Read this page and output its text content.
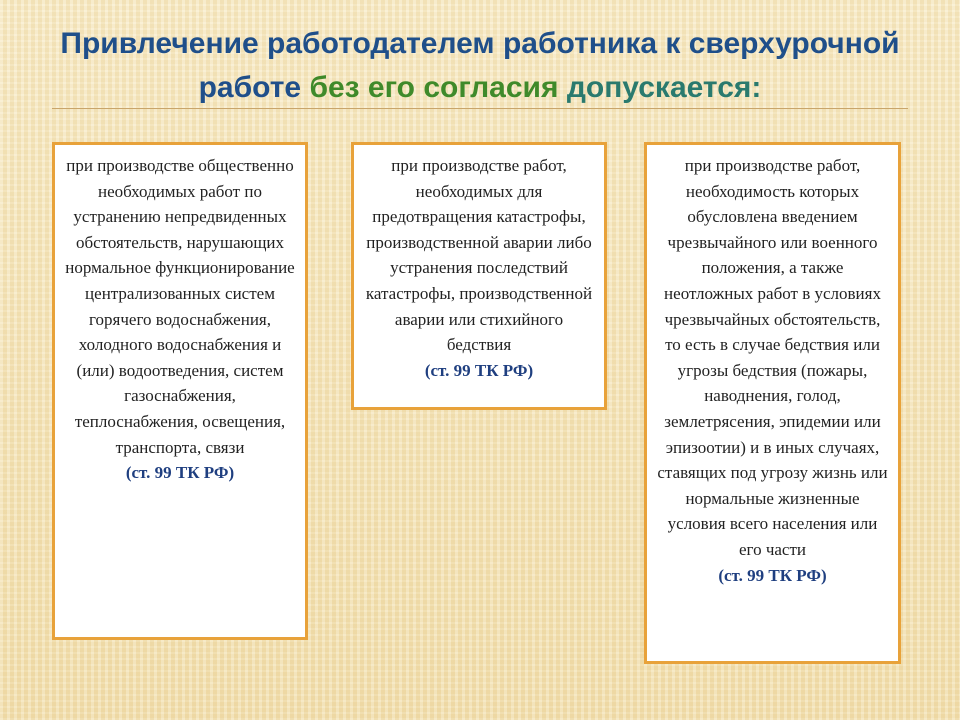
Привлечение работодателем работника к сверхурочной работе без его согласия допускается:
при производстве общественно необходимых работ по устранению непредвиденных обстоятельств, нарушающих нормальное функционирование централизованных систем горячего водоснабжения, холодного водоснабжения и (или) водоотведения, систем газоснабжения, теплоснабжения, освещения, транспорта, связи
(ст. 99 ТК РФ)
при производстве работ, необходимых для предотвращения катастрофы, производственной аварии либо устранения последствий катастрофы, производственной аварии или стихийного бедствия
(ст. 99 ТК РФ)
при производстве работ, необходимость которых обусловлена введением чрезвычайного или военного положения, а также неотложных работ в условиях чрезвычайных обстоятельств, то есть в случае бедствия или угрозы бедствия (пожары, наводнения, голод, землетрясения, эпидемии или эпизоотии) и в иных случаях, ставящих под угрозу жизнь или нормальные жизненные условия всего населения или его части
(ст. 99 ТК РФ)
